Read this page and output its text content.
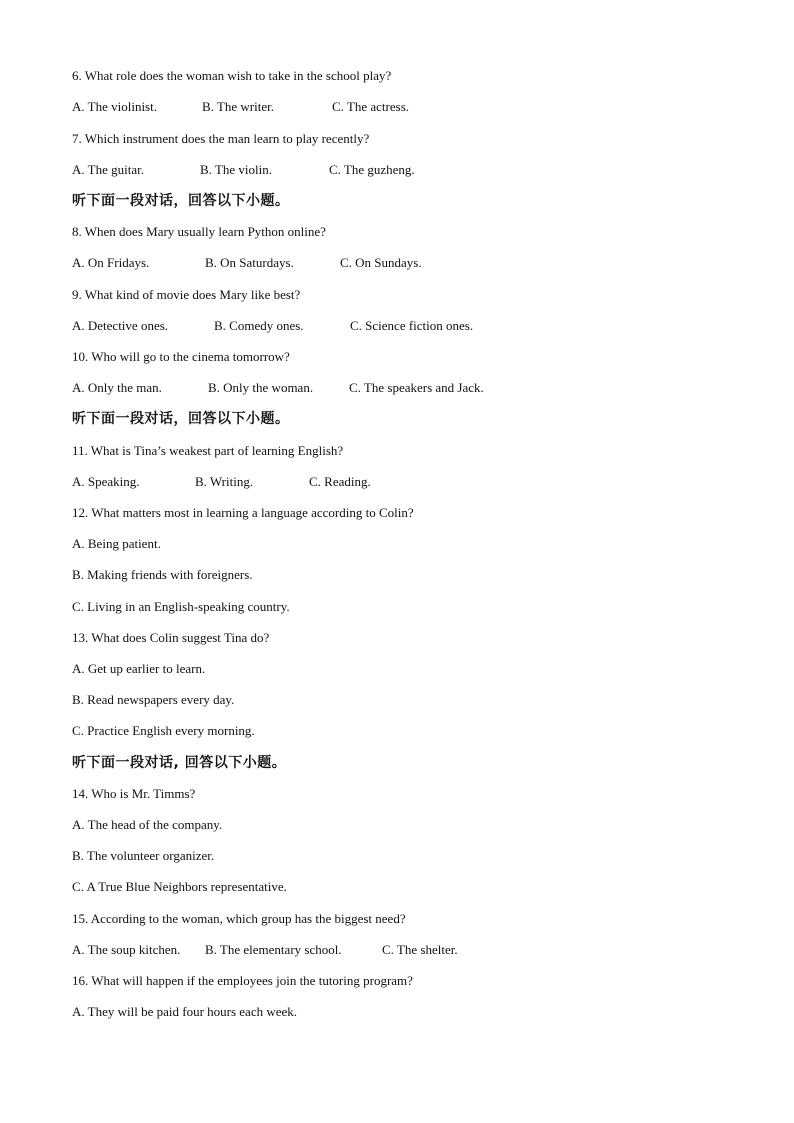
6. What role does the woman wish to take in the school play?
A. The violinist.	B. The writer.	C. The actress.
7. Which instrument does the man learn to play recently?
A. The guitar.	B. The violin.	C. The guzheng.
听下面一段对话，回答以下小题。
8. When does Mary usually learn Python online?
A. On Fridays.	B. On Saturdays.	C. On Sundays.
9. What kind of movie does Mary like best?
A. Detective ones.	B. Comedy ones.	C. Science fiction ones.
10. Who will go to the cinema tomorrow?
A. Only the man.	B. Only the woman.	C. The speakers and Jack.
听下面一段对话，回答以下小题。
11. What is Tina’s weakest part of learning English?
A. Speaking.	B. Writing.	C. Reading.
12. What matters most in learning a language according to Colin?
A. Being patient.
B. Making friends with foreigners.
C. Living in an English-speaking country.
13. What does Colin suggest Tina do?
A. Get up earlier to learn.
B. Read newspapers every day.
C. Practice English every morning.
听下面一段对话, 回答以下小题。
14. Who is Mr. Timms?
A. The head of the company.
B. The volunteer organizer.
C. A True Blue Neighbors representative.
15. According to the woman, which group has the biggest need?
A. The soup kitchen. B. The elementary school.	C. The shelter.
16. What will happen if the employees join the tutoring program?
A. They will be paid four hours each week.
